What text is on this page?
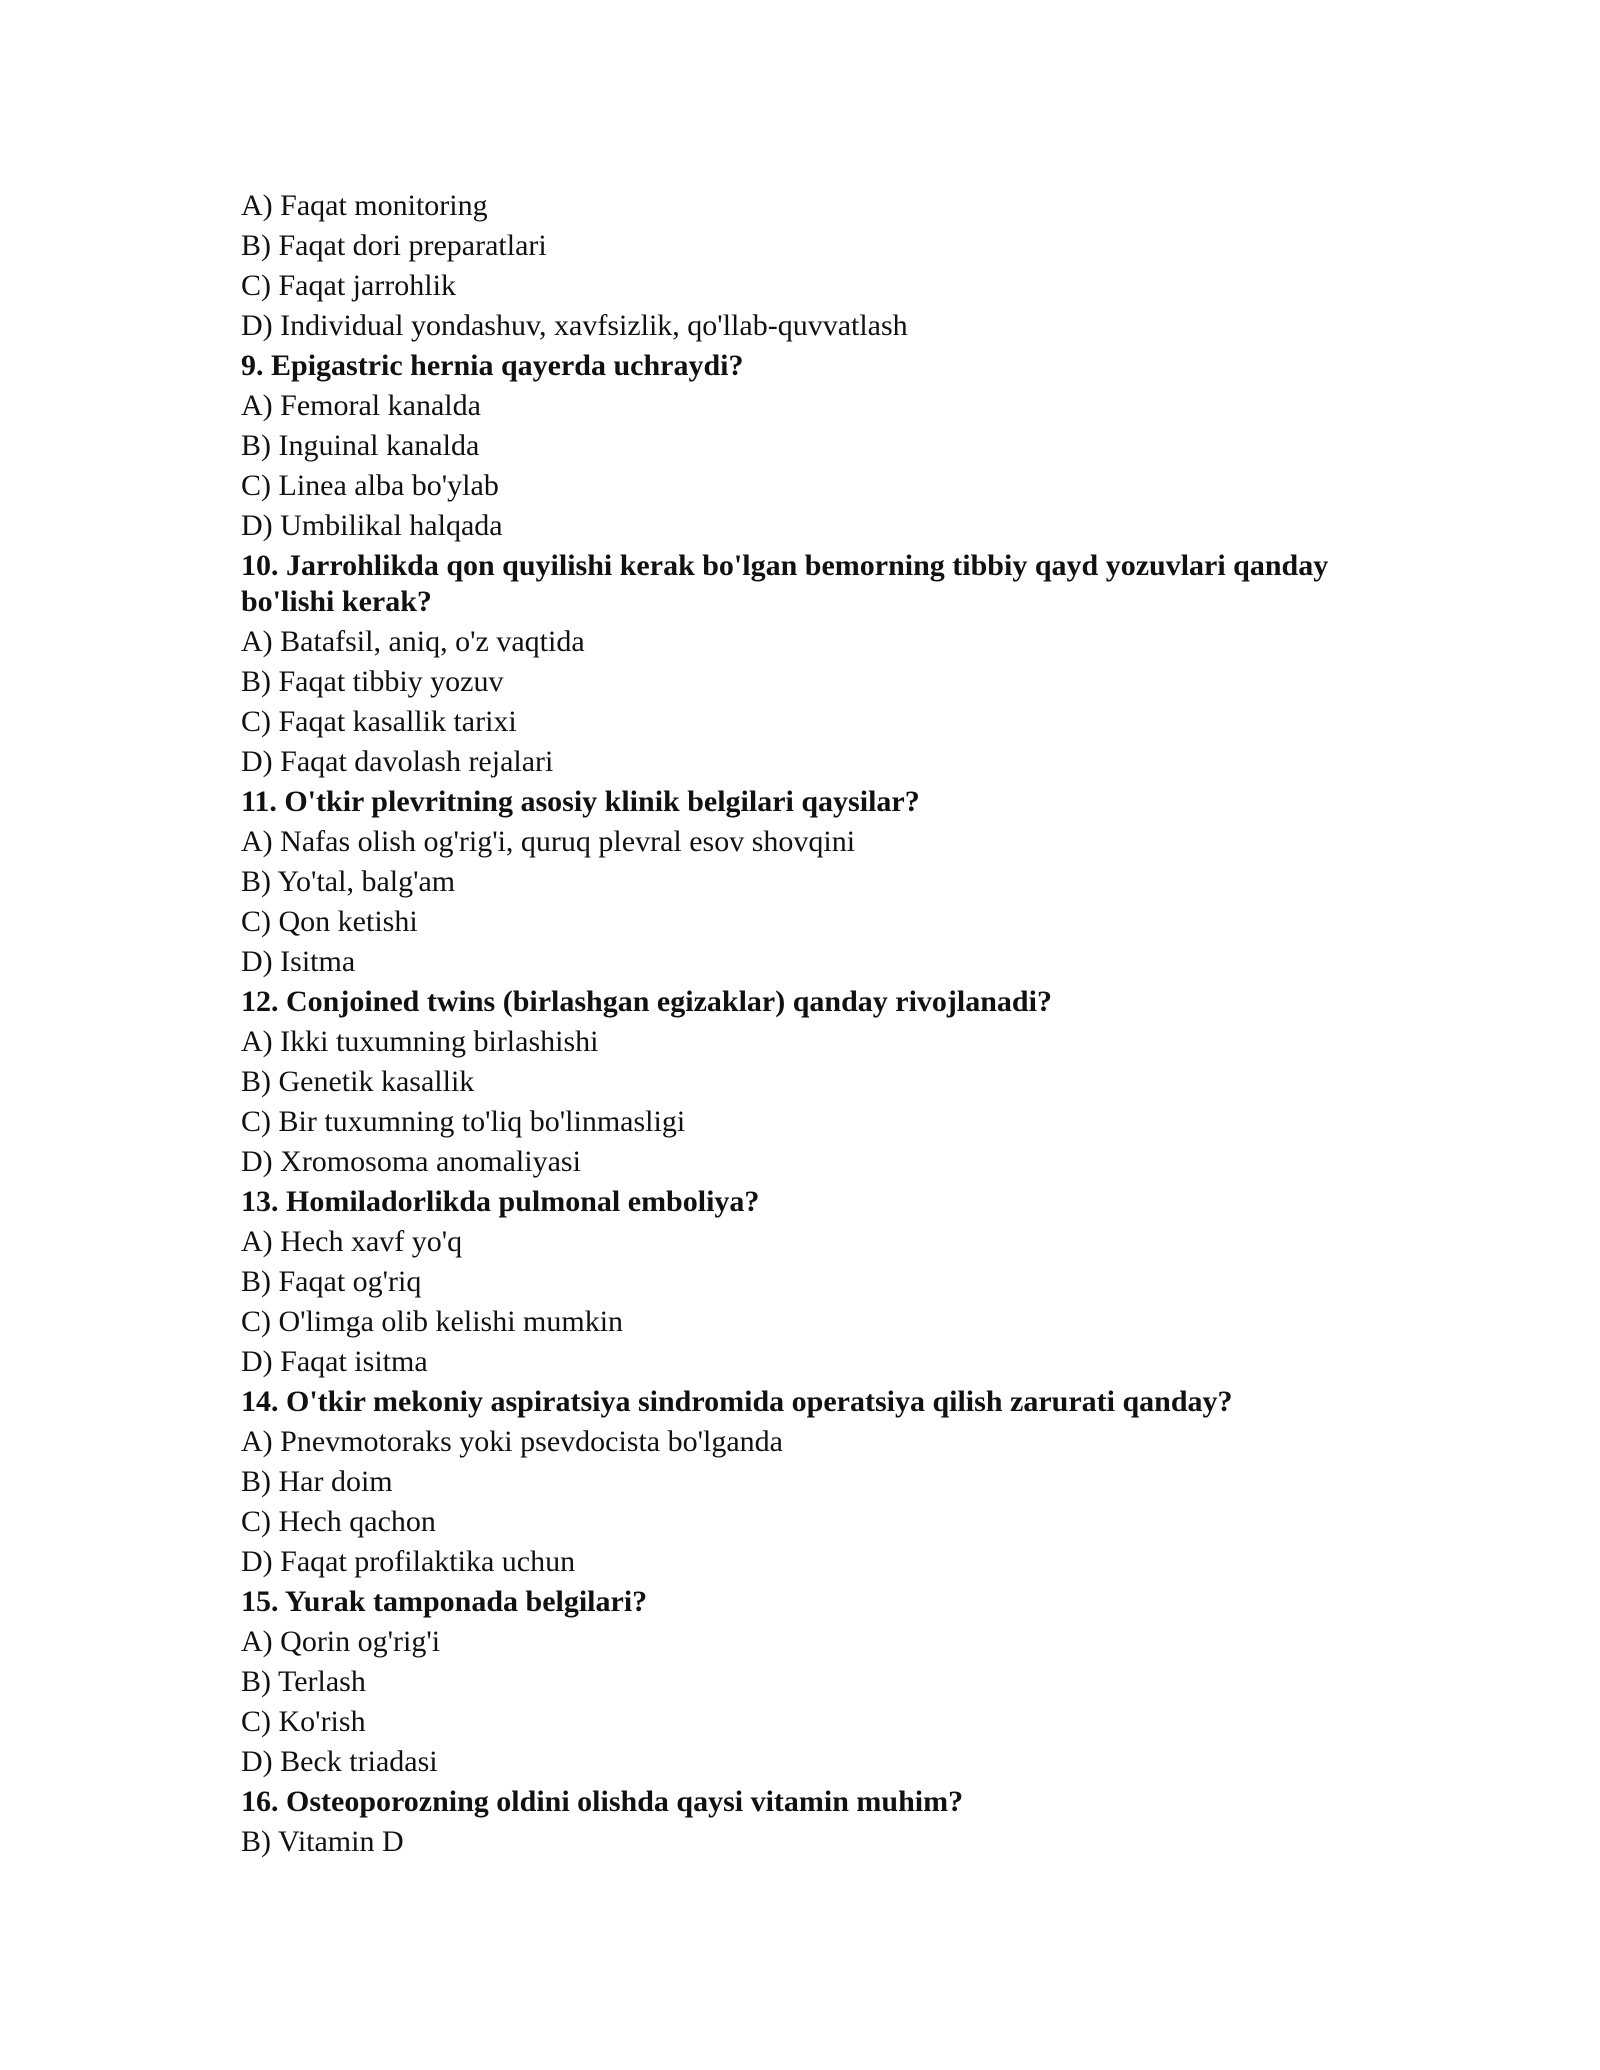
A) Faqat monitoring
B) Faqat dori preparatlari
C) Faqat jarrohlik
D) Individual yondashuv, xavfsizlik, qo'llab-quvvatlash
9. Epigastric hernia qayerda uchraydi?
A) Femoral kanalda
B) Inguinal kanalda
C) Linea alba bo'ylab
D) Umbilikal halqada
10. Jarrohlikda qon quyilishi kerak bo'lgan bemorning tibbiy qayd yozuvlari qanday bo'lishi kerak?
A) Batafsil, aniq, o'z vaqtida
B) Faqat tibbiy yozuv
C) Faqat kasallik tarixi
D) Faqat davolash rejalari
11. O'tkir plevritning asosiy klinik belgilari qaysilar?
A) Nafas olish og'rig'i, quruq plevral esov shovqini
B) Yo'tal, balg'am
C) Qon ketishi
D) Isitma
12. Conjoined twins (birlashgan egizaklar) qanday rivojlanadi?
A) Ikki tuxumning birlashishi
B) Genetik kasallik
C) Bir tuxumning to'liq bo'linmasligi
D) Xromosoma anomaliyasi
13. Homiladorlikda pulmonal emboliya?
A) Hech xavf yo'q
B) Faqat og'riq
C) O'limga olib kelishi mumkin
D) Faqat isitma
14. O'tkir mekoniy aspiratsiya sindromida operatsiya qilish zarurati qanday?
A) Pnevmotoraks yoki psevdocista bo'lganda
B) Har doim
C) Hech qachon
D) Faqat profilaktika uchun
15. Yurak tamponada belgilari?
A) Qorin og'rig'i
B) Terlash
C) Ko'rish
D) Beck triadasi
16. Osteoporozning oldini olishda qaysi vitamin muhim?
B) Vitamin D
